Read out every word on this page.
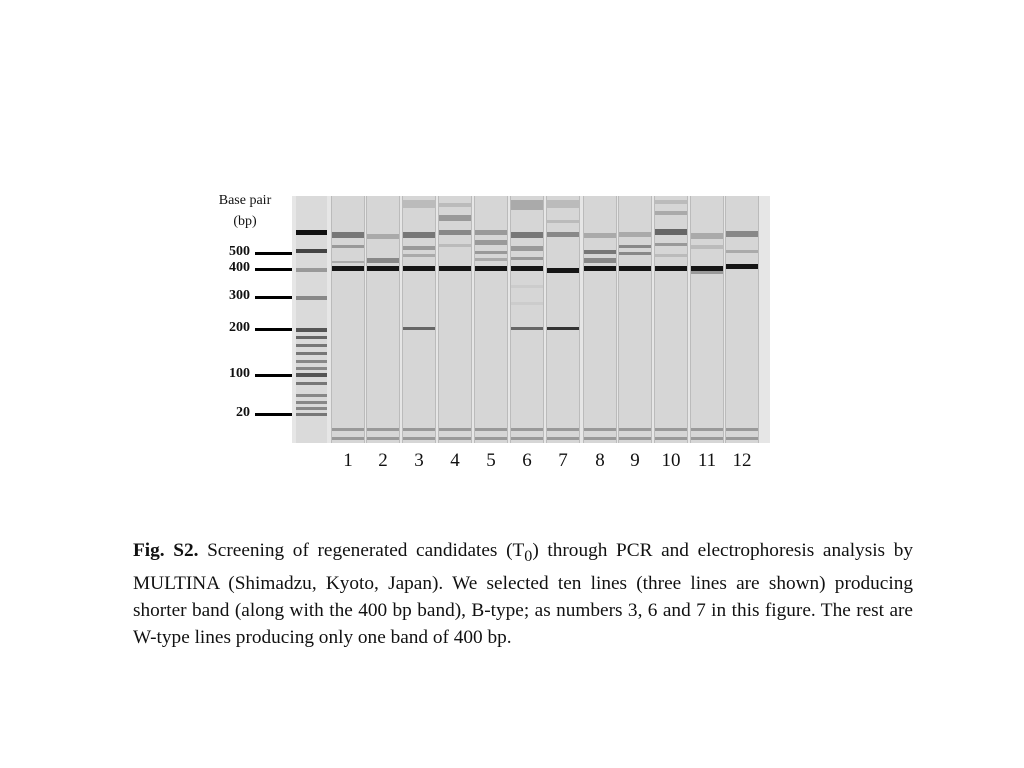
Base pair
(bp)
500
400
300
200
100
20
1	2	3	4	5	6	7	8	9	10 11 12
Fig. S2. Screening of regenerated candidates $(T_0)$ through PCR and electrophoresis analysis by MULTINA (Shimadzu, Kyoto, Japan). We selected ten lines (three lines are shown) producing shorter band (along with the 400 bp band), B-type; as numbers 3, 6 and 7 in this figure. The rest are W-type lines producing only one band of 400 bp.
